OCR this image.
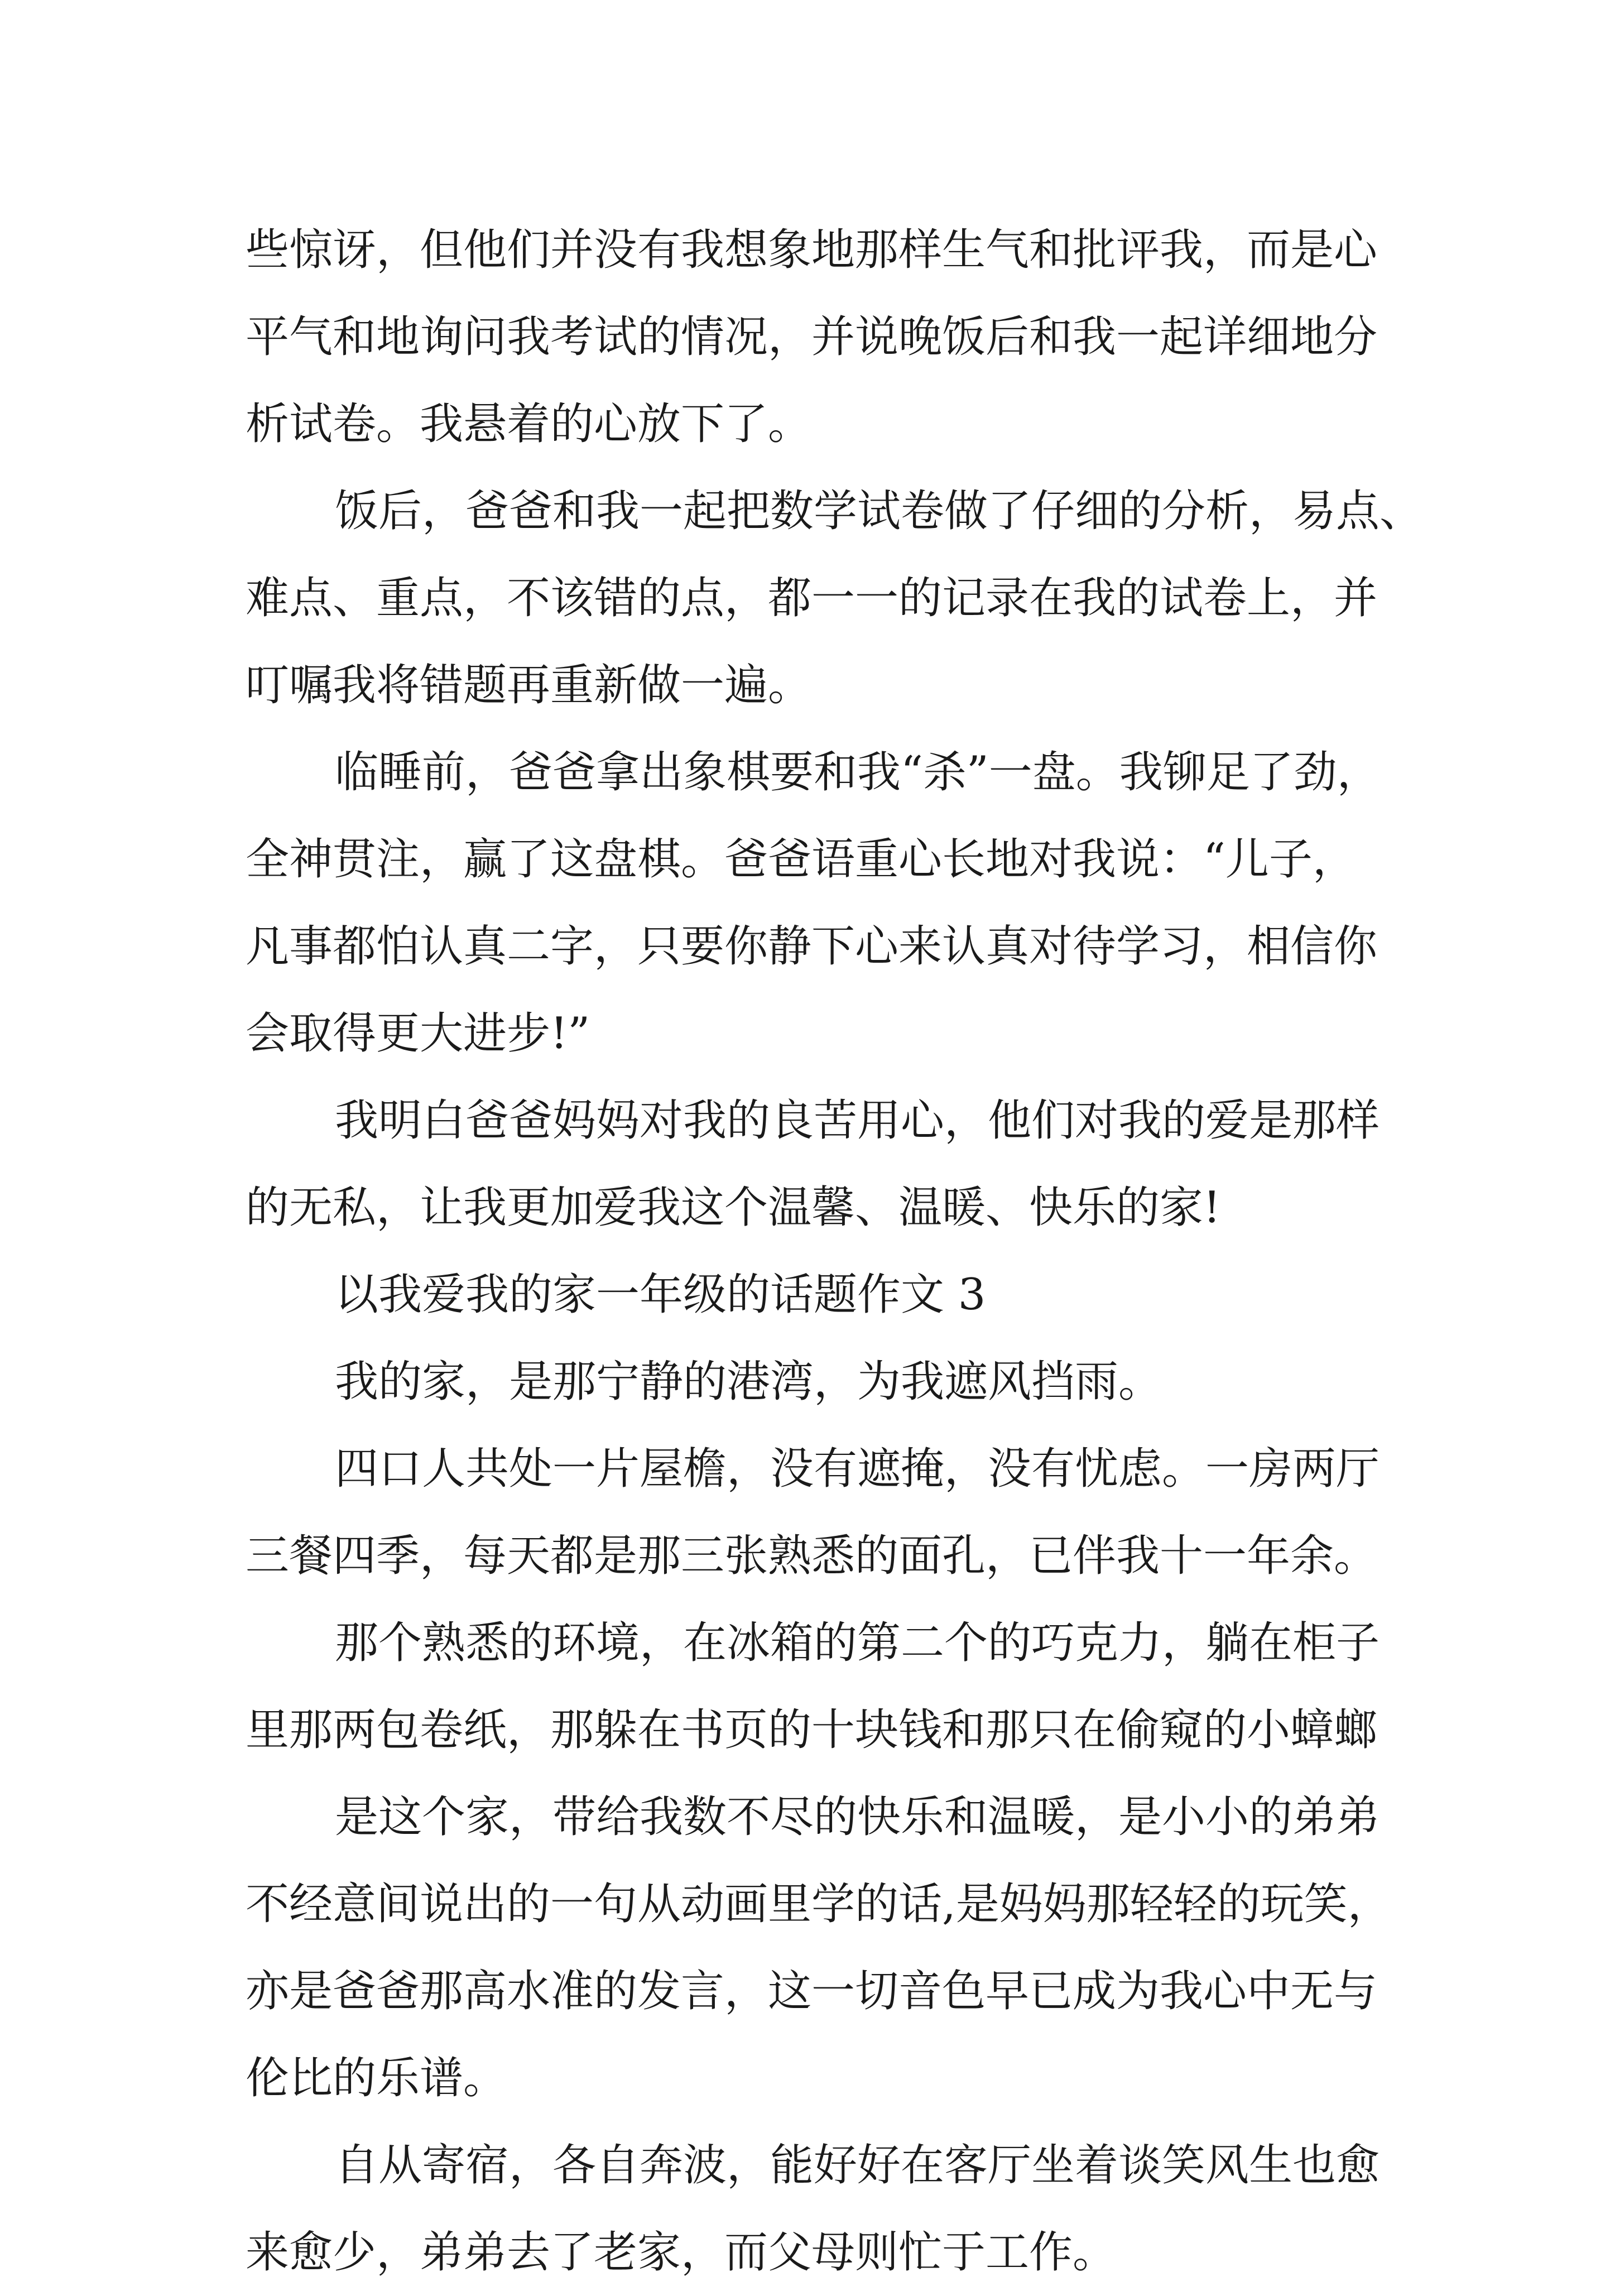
些惊讶，但他们并没有我想象地那样生气和批评我，而是心
平气和地询问我考试的情况，并说晚饭后和我一起详细地分
析试卷。我悬着的心放下了。
饭后，爸爸和我一起把数学试卷做了仔细的分析，易点、
难点、重点，不该错的点，都一一的记录在我的试卷上，并
叮嘱我将错题再重新做一遍。
临睡前，爸爸拿出象棋要和我“杀”一盘。我铆足了劲，
全神贯注，赢了这盘棋。爸爸语重心长地对我说：“儿子，
凡事都怕认真二字，只要你静下心来认真对待学习，相信你
会取得更大进步!”
我明白爸爸妈妈对我的良苦用心，他们对我的爱是那样
的无私，让我更加爱我这个温馨、温暖、快乐的家!
以我爱我的家一年级的话题作文 3
我的家，是那宁静的港湾，为我遮风挡雨。
四口人共处一片屋檐，没有遮掩，没有忧虑。一房两厅
三餐四季，每天都是那三张熟悉的面孔，已伴我十一年余。
那个熟悉的环境，在冰箱的第二个的巧克力，躺在柜子
里那两包卷纸，那躲在书页的十块钱和那只在偷窥的小蟑螂
是这个家，带给我数不尽的快乐和温暖，是小小的弟弟
不经意间说出的一句从动画里学的话,是妈妈那轻轻的玩笑，
亦是爸爸那高水准的发言，这一切音色早已成为我心中无与
伦比的乐谱。
自从寄宿，各自奔波，能好好在客厅坐着谈笑风生也愈
来愈少，弟弟去了老家，而父母则忙于工作。
